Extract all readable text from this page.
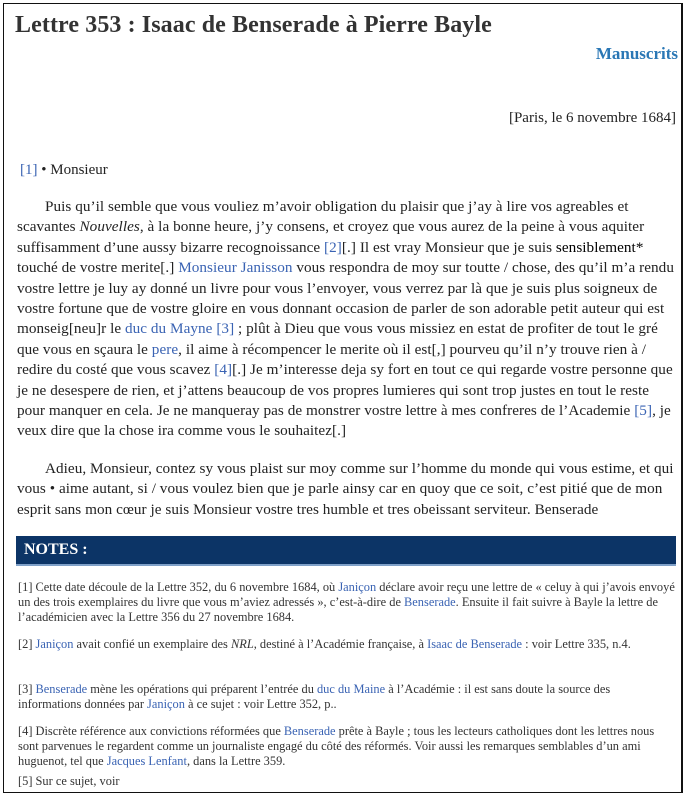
Lettre 353 : Isaac de Benserade à Pierre Bayle
Manuscrits
[Paris, le 6 novembre 1684]
[1] • Monsieur

Puis qu’il semble que vous vouliez m’avoir obligation du plaisir que j’ay à lire vos agreables et scavantes Nouvelles, à la bonne heure, j’y consens, et croyez que vous aurez de la peine à vous aquiter suffisamment d’une aussy bizarre recognoissance [2][.] Il est vray Monsieur que je suis sensiblement* touché de vostre merite[.] Monsieur Janisson vous respondra de moy sur toutte / chose, des qu’il m’a rendu vostre lettre je luy ay donné un livre pour vous l’envoyer, vous verrez par là que je suis plus soigneux de vostre fortune que de vostre gloire en vous donnant occasion de parler de son adorable petit auteur qui est monseig[neu]r le duc du Mayne [3] ; plût à Dieu que vous vous missiez en estat de profiter de tout le gré que vous en sçaura le pere, il aime à récompencer le merite où il est[,] pourveu qu’il n’y trouve rien à / redire du costé que vous scavez [4][.] Je m’interesse deja sy fort en tout ce qui regarde vostre personne que je ne desespere de rien, et j’attens beaucoup de vos propres lumieres qui sont trop justes en tout le reste pour manquer en cela. Je ne manqueray pas de monstrer vostre lettre à mes confreres de l’Academie [5], je veux dire que la chose ira comme vous le souhaitez[.]

Adieu, Monsieur, contez sy vous plaist sur moy comme sur l’homme du monde qui vous estime, et qui vous • aime autant, si / vous voulez bien que je parle ainsy car en quoy que ce soit, c’est pitié que de mon esprit sans mon cœur je suis Monsieur vostre tres humble et tres obeissant serviteur. Benserade

NOTES :

[1] Cette date découle de la Lettre 352, du 6 novembre 1684, où Janiçon déclare avoir reçu une lettre de « celuy à qui j’avois envoyé un des trois exemplaires du livre que vous m’aviez adressés », c’est-à-dire de Benserade. Ensuite il fait suivre à Bayle la lettre de l’académicien avec la Lettre 356 du 27 novembre 1684.

[2] Janiçon avait confié un exemplaire des NRL, destiné à l’Académie française, à Isaac de Benserade : voir Lettre 335, n.4.

[3] Benserade mène les opérations qui préparent l’entrée du duc du Maine à l’Académie : il est sans doute la source des informations données par Janiçon à ce sujet : voir Lettre 352, p..

[4] Discrète référence aux convictions réformées que Benserade prête à Bayle ; tous les lecteurs catholiques dont les lettres nous sont parvenues le regardent comme un journaliste engagé du côté des réformés. Voir aussi les remarques semblables d’un ami huguenot, tel que Jacques Lenfant, dans la Lettre 359.

[5] Sur ce sujet, voir
